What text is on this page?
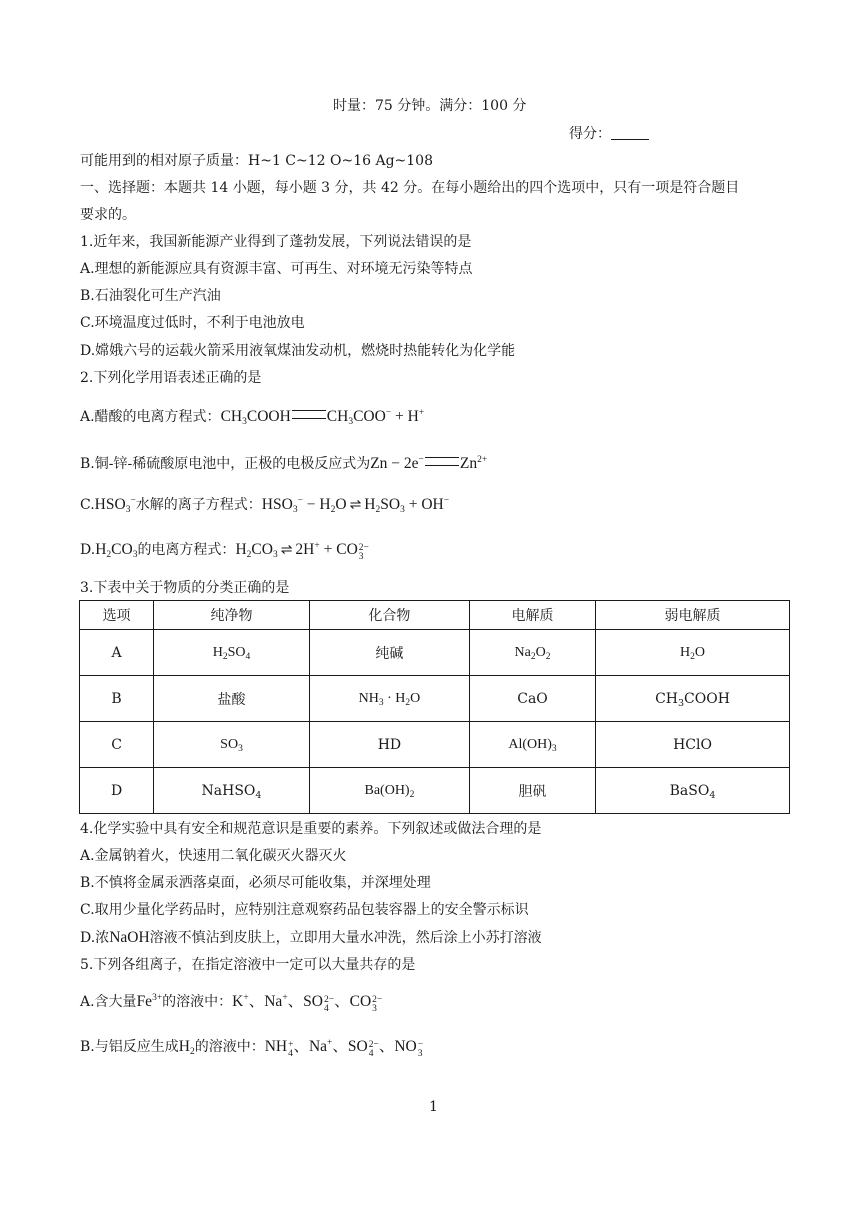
时量：75 分钟。满分：100 分
得分：
可能用到的相对原子质量：H~1 C~12 O~16 Ag~108
一、选择题：本题共 14 小题，每小题 3 分，共 42 分。在每小题给出的四个选项中，只有一项是符合题目
要求的。
1.近年来，我国新能源产业得到了蓬勃发展，下列说法错误的是
A.理想的新能源应具有资源丰富、可再生、对环境无污染等特点
B.石油裂化可生产汽油
C.环境温度过低时，不利于电池放电
D.嫦娥六号的运载火箭采用液氧煤油发动机，燃烧时热能转化为化学能
2.下列化学用语表述正确的是
A.醋酸的电离方程式：$CH_3COOH$ $CH_3COO^- + H^+$
B.铜-锌-稀硫酸原电池中，正极的电极反应式为Zn − 2e− $Zn^{2+}$
$C.HSO_3^-$水解的离子方程式：$HSO_3^- - H_2O$ ⇌ $H_2SO_3 + OH^-$
$D.H_2CO_3$的电离方程式：$H_2CO_3$ ⇌ 2H+ + CO 2−
3
3.下表中关于物质的分类正确的是
选项	纯净物	化合物	电解质	弱电解质
A	$H_2SO_4$	纯碱	$Na_2O_2$	$H_2O$
B	盐酸	$NH_3 \cdot H_2O$	CaO	$CH_3COOH$
C	$SO_3$	HD	$Al(OH)_3$	HClO
D	NaHSO$_4$	$Ba(OH)_2$	胆矾	BaSO$_4$
4.化学实验中具有安全和规范意识是重要的素养。下列叙述或做法合理的是
A.金属钠着火，快速用二氧化碳灭火器灭火
B.不慎将金属汞洒落桌面，必须尽可能收集，并深埋处理
C.取用少量化学药品时，应特别注意观察药品包装容器上的安全警示标识
D.浓NaOH溶液不慎沾到皮肤上，立即用大量水冲洗，然后涂上小苏打溶液
5.下列各组离子，在指定溶液中一定可以大量共存的是
A.含大量$Fe^{3+}$的溶液中：K+、Na+、SO 2−
4 、CO 2−
3
B.与铝反应生成$H_2$的溶液中：NH +
4 、Na+、SO 2−
4 、NO −
3
1
